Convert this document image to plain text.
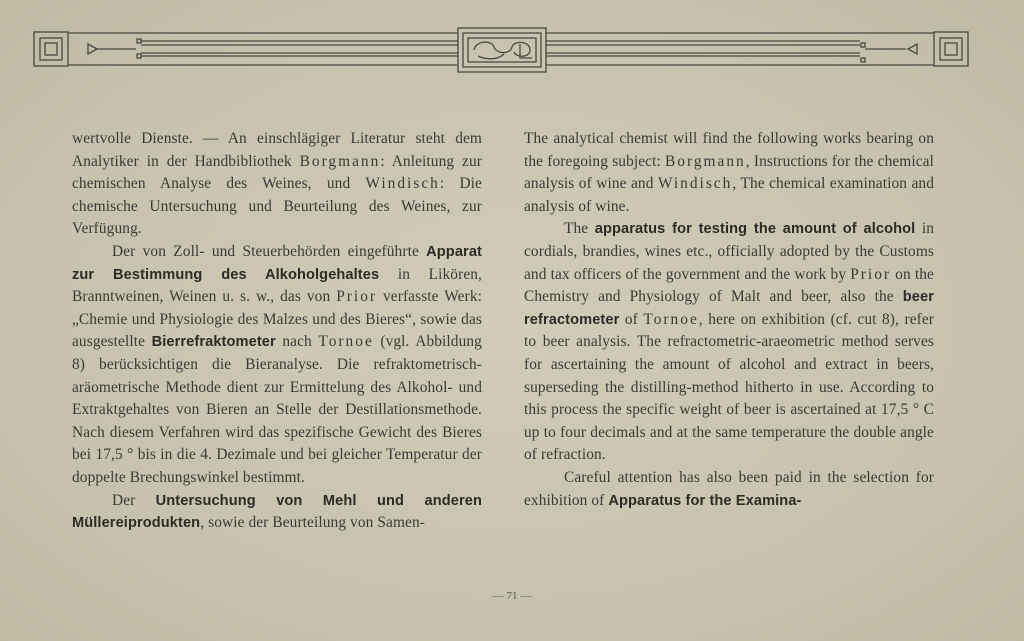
wertvolle Dienste. — An einschlägiger Literatur steht dem Analytiker in der Handbibliothek Borgmann: Anleitung zur chemischen Analyse des Weines, und Windisch: Die chemische Untersuchung und Beurteilung des Weines, zur Verfügung.

Der von Zoll- und Steuerbehörden eingeführte Apparat zur Bestimmung des Alkoholgehaltes in Likören, Branntweinen, Weinen u. s. w., das von Prior verfasste Werk: „Chemie und Physiologie des Malzes und des Bieres“, sowie das ausgestellte Bierrefraktometer nach Tornoe (vgl. Abbildung 8) berücksichtigen die Bieranalyse. Die refraktometrisch-aräometrische Methode dient zur Ermittelung des Alkohol- und Extraktgehaltes von Bieren an Stelle der Destillationsmethode. Nach diesem Verfahren wird das spezifische Gewicht des Bieres bei 17,5 ° bis in die 4. Dezimale und bei gleicher Temperatur der doppelte Brechungswinkel bestimmt.

Der Untersuchung von Mehl und anderen Müllereiprodukten, sowie der Beurteilung von Samen-

The analytical chemist will find the following works bearing on the foregoing subject: Borgmann, Instructions for the chemical analysis of wine and Windisch, The chemical examination and analysis of wine.

The apparatus for testing the amount of alcohol in cordials, brandies, wines etc., officially adopted by the Customs and tax officers of the government and the work by Prior on the Chemistry and Physiology of Malt and beer, also the beer refractometer of Tornoe, here on exhibition (cf. cut 8), refer to beer analysis. The refractometric-araeometric method serves for ascertaining the amount of alcohol and extract in beers, superseding the distilling-method hitherto in use. According to this process the specific weight of beer is ascertained at 17,5 ° C up to four decimals and at the same temperature the double angle of refraction.

Careful attention has also been paid in the selection for exhibition of Apparatus for the Examina-

— 71 —
